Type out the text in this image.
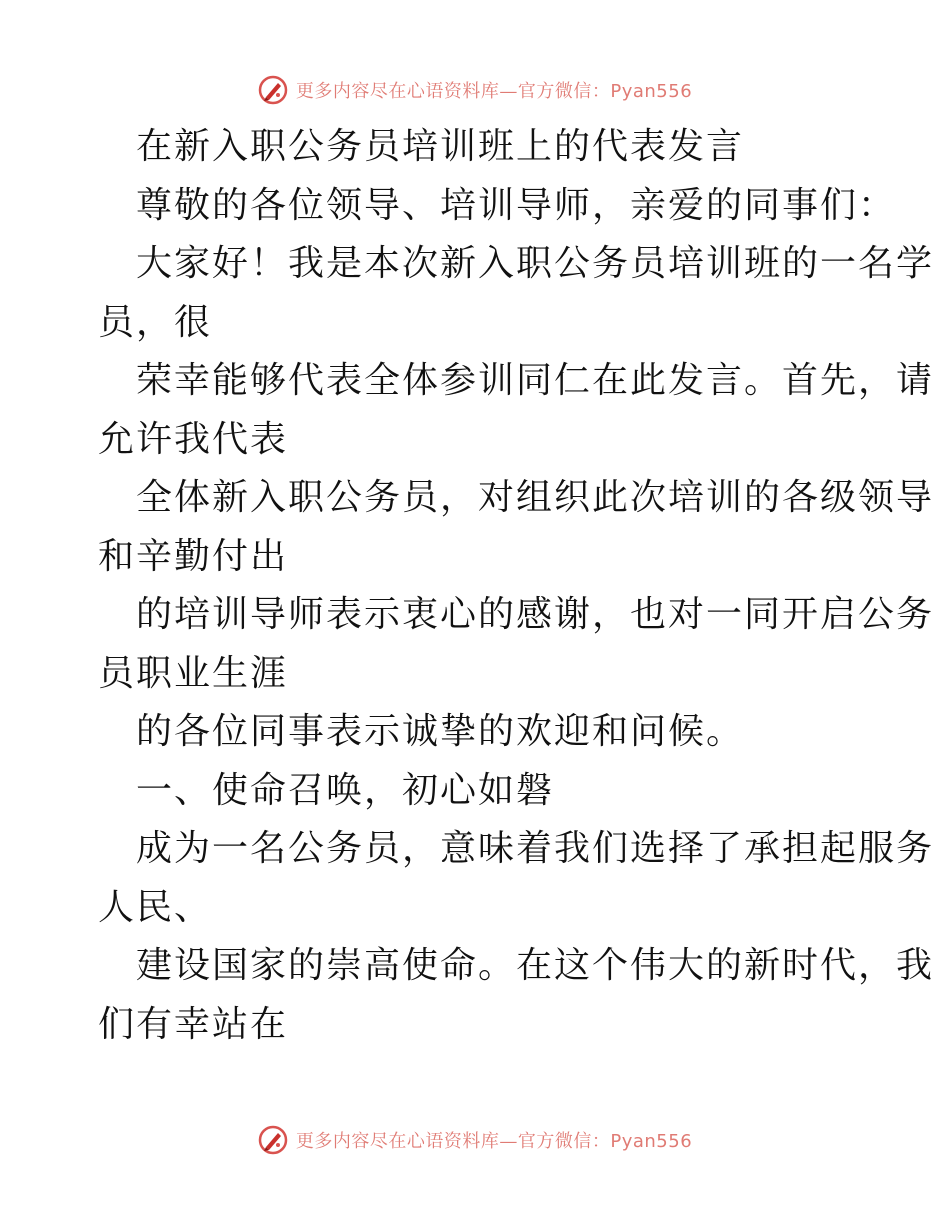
更多内容尽在心语资料库—官方微信：Pyan556
在新入职公务员培训班上的代表发言
尊敬的各位领导、培训导师，亲爱的同事们：
大家好！我是本次新入职公务员培训班的一名学
员，很
荣幸能够代表全体参训同仁在此发言。首先，请
允许我代表
全体新入职公务员，对组织此次培训的各级领导
和辛勤付出
的培训导师表示衷心的感谢，也对一同开启公务
员职业生涯
的各位同事表示诚挚的欢迎和问候。
一、使命召唤，初心如磐
成为一名公务员，意味着我们选择了承担起服务
人民、
建设国家的崇高使命。在这个伟大的新时代，我
们有幸站在
更多内容尽在心语资料库—官方微信：Pyan556
